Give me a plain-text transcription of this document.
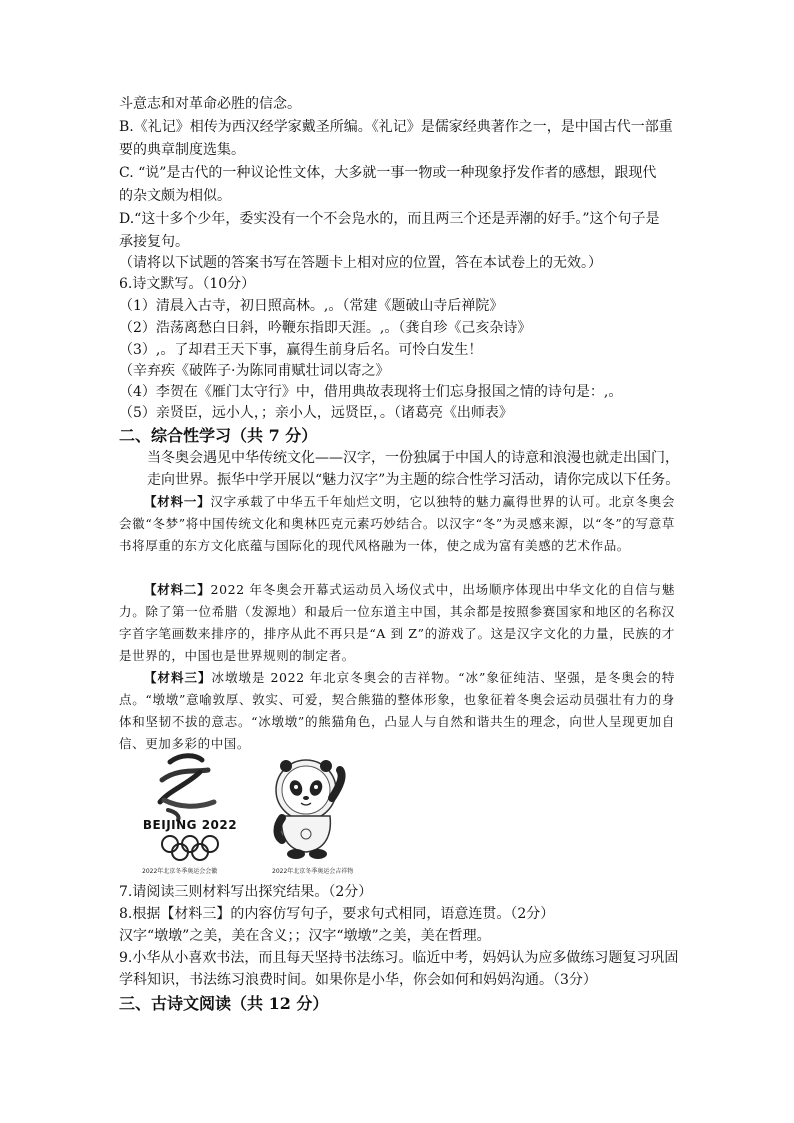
斗意志和对革命必胜的信念。
B.《礼记》相传为西汉经学家戴圣所编。《礼记》是儒家经典著作之一，是中国古代一部重
要的典章制度选集。
C. “说”是古代的一种议论性文体，大多就一事一物或一种现象抒发作者的感想，跟现代
的杂文颇为相似。
D.“这十多个少年，委实没有一个不会凫水的，而且两三个还是弄潮的好手。”这个句子是
承接复句。
（请将以下试题的答案书写在答题卡上相对应的位置，答在本试卷上的无效。）
6.诗文默写。（10分）
（1）清晨入古寺，初日照高林。,。（常建《题破山寺后禅院》
（2）浩荡离愁白日斜，吟鞭东指即天涯。,。（龚自珍《己亥杂诗》
（3）,。了却君王天下事，赢得生前身后名。可怜白发生！
（辛弃疾《破阵子·为陈同甫赋壮词以寄之》
（4）李贺在《雁门太守行》中，借用典故表现将士们忘身报国之情的诗句是：,。
（5）亲贤臣，远小人，；亲小人，远贤臣，。（诸葛亮《出师表》
二、综合性学习（共 7 分）
当冬奥会遇见中华传统文化——汉字，一份独属于中国人的诗意和浪漫也就走出国门，
走向世界。振华中学开展以“魅力汉字”为主题的综合性学习活动，请你完成以下任务。
【材料一】汉字承载了中华五千年灿烂文明，它以独特的魅力赢得世界的认可。北京冬奥会会徽“冬梦”将中国传统文化和奥林匹克元素巧妙结合。以汉字“冬”为灵感来源，以“冬”的写意草书将厚重的东方文化底蕴与国际化的现代风格融为一体，使之成为富有美感的艺术作品。
【材料二】2022 年冬奥会开幕式运动员入场仪式中，出场顺序体现出中华文化的自信与魅力。除了第一位希腊（发源地）和最后一位东道主中国，其余都是按照参赛国家和地区的名称汉字首字笔画数来排序的，排序从此不再只是“A 到 Z”的游戏了。这是汉字文化的力量，民族的才是世界的，中国也是世界规则的制定者。
【材料三】冰墩墩是 2022 年北京冬奥会的吉祥物。“冰”象征纯洁、坚强，是冬奥会的特点。“墩墩”意喻敦厚、敦实、可爱，契合熊猫的整体形象，也象征着冬奥会运动员强壮有力的身体和坚韧不拔的意志。“冰墩墩”的熊猫角色，凸显人与自然和谐共生的理念，向世人呈现更加自信、更加多彩的中国。
BEIJING 2022
2022年北京冬季奥运会会徽	2022年北京冬季奥运会吉祥物
7.请阅读三则材料写出探究结果。（2分）
8.根据【材料三】的内容仿写句子，要求句式相同，语意连贯。（2分）
汉字“墩墩”之美，美在含义；；汉字“墩墩”之美，美在哲理。
9.小华从小喜欢书法，而且每天坚持书法练习。临近中考，妈妈认为应多做练习题复习巩固
学科知识，书法练习浪费时间。如果你是小华，你会如何和妈妈沟通。（3分）
三、古诗文阅读（共 12 分）
